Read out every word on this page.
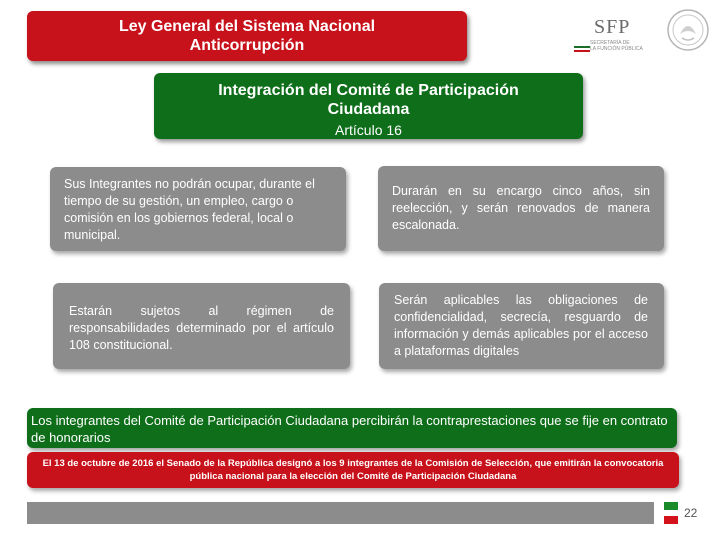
Ley General del Sistema Nacional
Anticorrupción
SFP
SECRETARÍA DE
LA FUNCIÓN PÚBLICA
Integración del Comité de Participación Ciudadana
Artículo 16
Sus Integrantes no podrán ocupar, durante el tiempo de su gestión, un empleo, cargo o comisión en los gobiernos federal, local o municipal.
Durarán en su encargo cinco años, sin reelección, y serán renovados de manera escalonada.
Estarán sujetos al régimen de responsabilidades determinado por el artículo 108 constitucional.
Serán aplicables las obligaciones de confidencialidad, secrecía, resguardo de información y demás aplicables por el acceso a plataformas digitales
Los integrantes del Comité de Participación Ciudadana percibirán la contraprestaciones que se fije en contrato de honorarios
El 13 de octubre de 2016 el Senado de la República designó a los 9 integrantes de la Comisión de Selección, que emitirán la convocatoria pública nacional para la elección del Comité de Participación Ciudadana
22
